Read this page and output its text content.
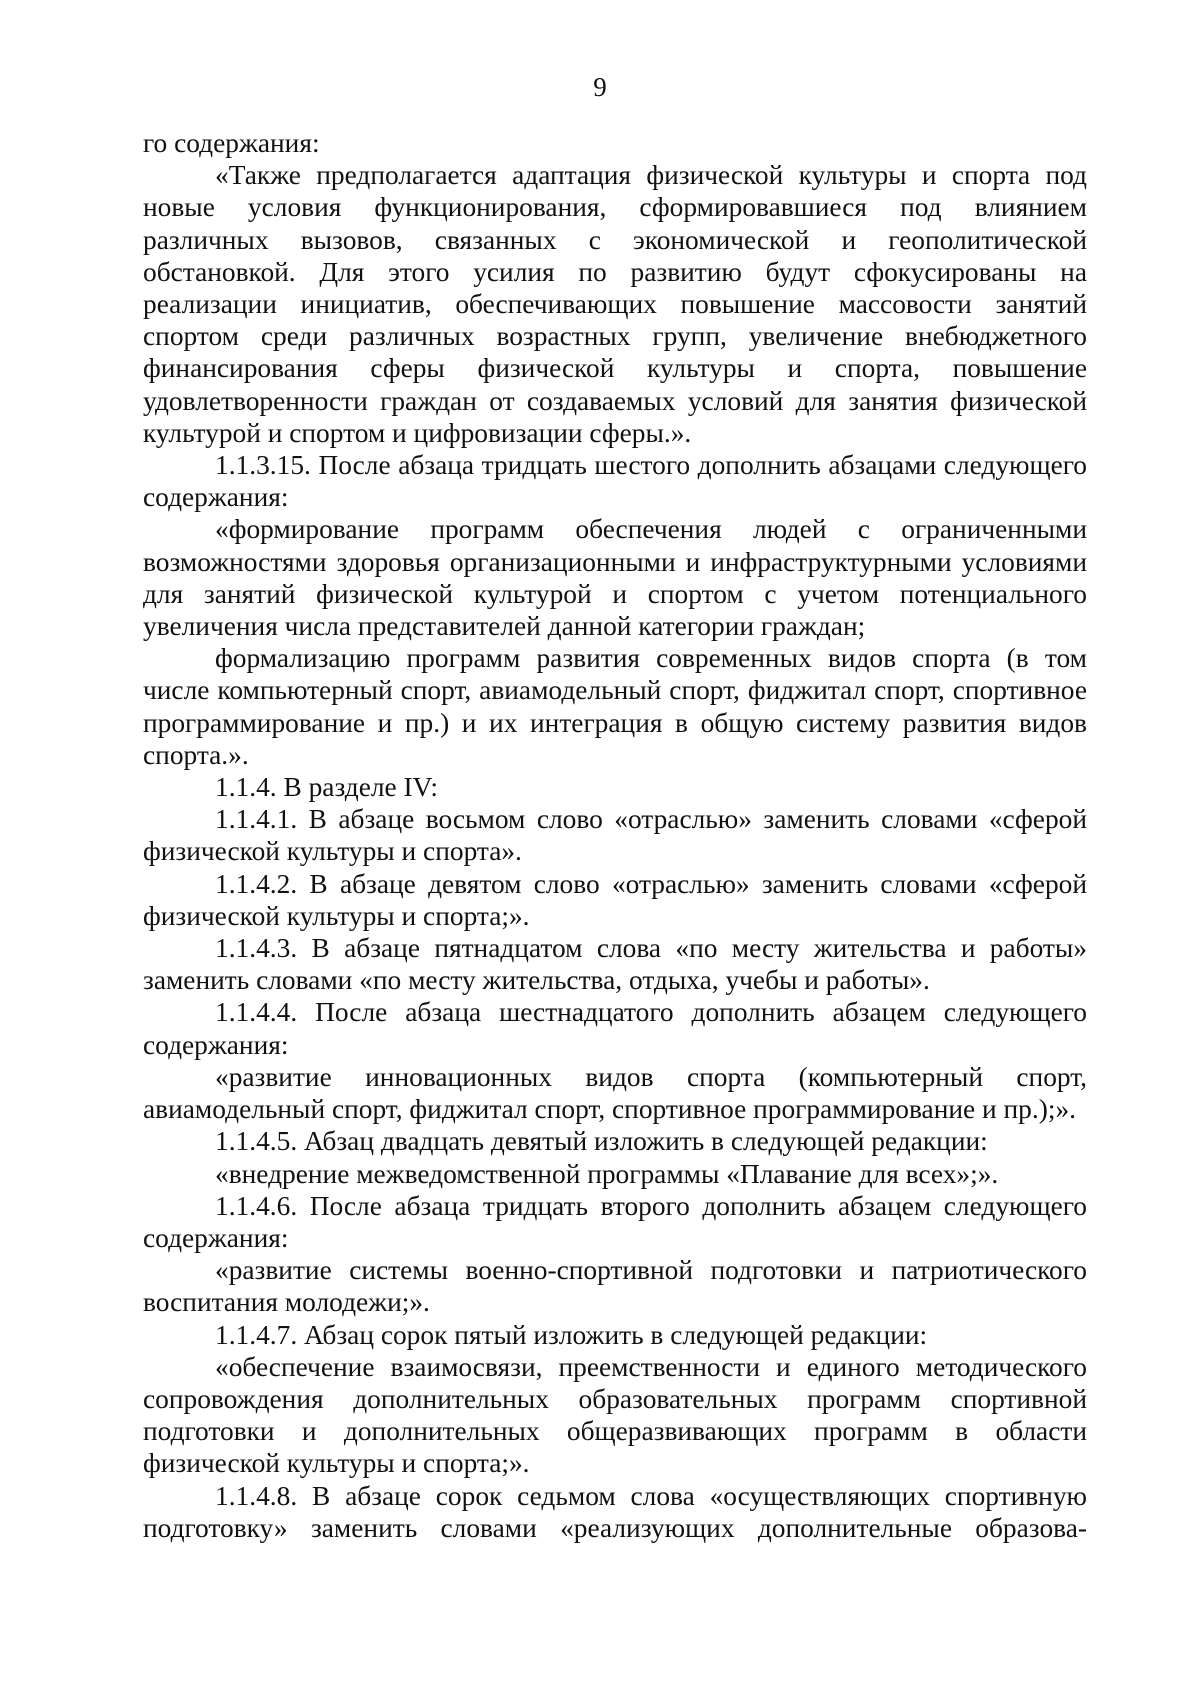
9

го содержания:

«Также предполагается адаптация физической культуры и спорта под новые условия функционирования, сформировавшиеся под влиянием различных вызовов, связанных с экономической и геополитической обстановкой. Для этого усилия по развитию будут сфокусированы на реализации инициатив, обеспечивающих повышение массовости занятий спортом среди различных возрастных групп, увеличение внебюджетного финансирования сферы физической культуры и спорта, повышение удовлетворенности граждан от создаваемых условий для занятия физической культурой и спортом и цифровизации сферы.».

1.1.3.15. После абзаца тридцать шестого дополнить абзацами следующего содержания:

«формирование программ обеспечения людей с ограниченными возможностями здоровья организационными и инфраструктурными условиями для занятий физической культурой и спортом с учетом потенциального увеличения числа представителей данной категории граждан;

формализацию программ развития современных видов спорта (в том числе компьютерный спорт, авиамодельный спорт, фиджитал спорт, спортивное программирование и пр.) и их интеграция в общую систему развития видов спорта.».

1.1.4. В разделе IV:

1.1.4.1. В абзаце восьмом слово «отраслью» заменить словами «сферой физической культуры и спорта».

1.1.4.2. В абзаце девятом слово «отраслью» заменить словами «сферой физической культуры и спорта;».

1.1.4.3. В абзаце пятнадцатом слова «по месту жительства и работы» заменить словами «по месту жительства, отдыха, учебы и работы».

1.1.4.4. После абзаца шестнадцатого дополнить абзацем следующего содержания:

«развитие инновационных видов спорта (компьютерный спорт, авиамодельный спорт, фиджитал спорт, спортивное программирование и пр.);».

1.1.4.5. Абзац двадцать девятый изложить в следующей редакции:

«внедрение межведомственной программы «Плавание для всех»;».

1.1.4.6. После абзаца тридцать второго дополнить абзацем следующего содержания:

«развитие системы военно-спортивной подготовки и патриотического воспитания молодежи;».

1.1.4.7. Абзац сорок пятый изложить в следующей редакции:

«обеспечение взаимосвязи, преемственности и единого методического сопровождения дополнительных образовательных программ спортивной подготовки и дополнительных общеразвивающих программ в области физической культуры и спорта;».

1.1.4.8. В абзаце сорок седьмом слова «осуществляющих спортивную подготовку» заменить словами «реализующих дополнительные образова-
